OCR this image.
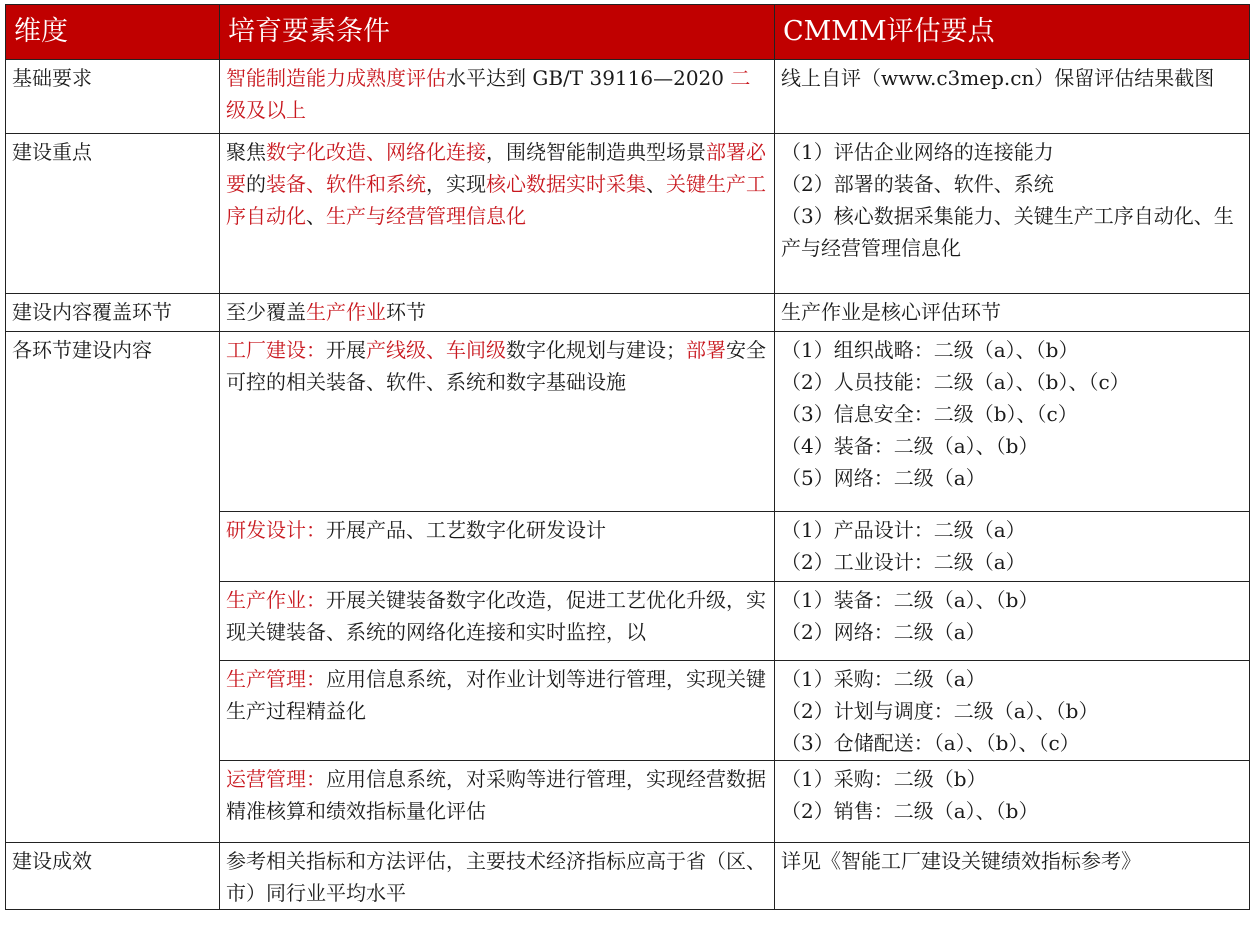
维度	培育要素条件	CMMM评估要点

基础要求	智能制造能力成熟度评估水平达到 GB/T 39116—2020 二级及以上	线上自评（www.c3mep.cn）保留评估结果截图

建设重点	聚焦数字化改造、网络化连接，围绕智能制造典型场景部署必要的装备、软件和系统，实现核心数据实时采集、关键生产工序自动化、生产与经营管理信息化	（1）评估企业网络的连接能力
（2）部署的装备、软件、系统
（3）核心数据采集能力、关键生产工序自动化、生产与经营管理信息化

建设内容覆盖环节	至少覆盖生产作业环节	生产作业是核心评估环节

各环节建设内容	工厂建设：开展产线级、车间级数字化规划与建设；部署安全可控的相关装备、软件、系统和数字基础设施	（1）组织战略：二级（a）、（b）
（2）人员技能：二级（a）、（b）、（c）
（3）信息安全：二级（b）、（c）
（4）装备：二级（a）、（b）
（5）网络：二级（a）

	研发设计：开展产品、工艺数字化研发设计	（1）产品设计：二级（a）
（2）工业设计：二级（a）

	生产作业：开展关键装备数字化改造，促进工艺优化升级，实现关键装备、系统的网络化连接和实时监控，以	（1）装备：二级（a）、（b）
（2）网络：二级（a）

	生产管理：应用信息系统，对作业计划等进行管理，实现关键生产过程精益化	（1）采购：二级（a）
（2）计划与调度：二级（a）、（b）
（3）仓储配送：（a）、（b）、（c）

	运营管理：应用信息系统，对采购等进行管理，实现经营数据精准核算和绩效指标量化评估	（1）采购：二级（b）
（2）销售：二级（a）、（b）

建设成效	参考相关指标和方法评估，主要技术经济指标应高于省（区、市）同行业平均水平	详见《智能工厂建设关键绩效指标参考》
